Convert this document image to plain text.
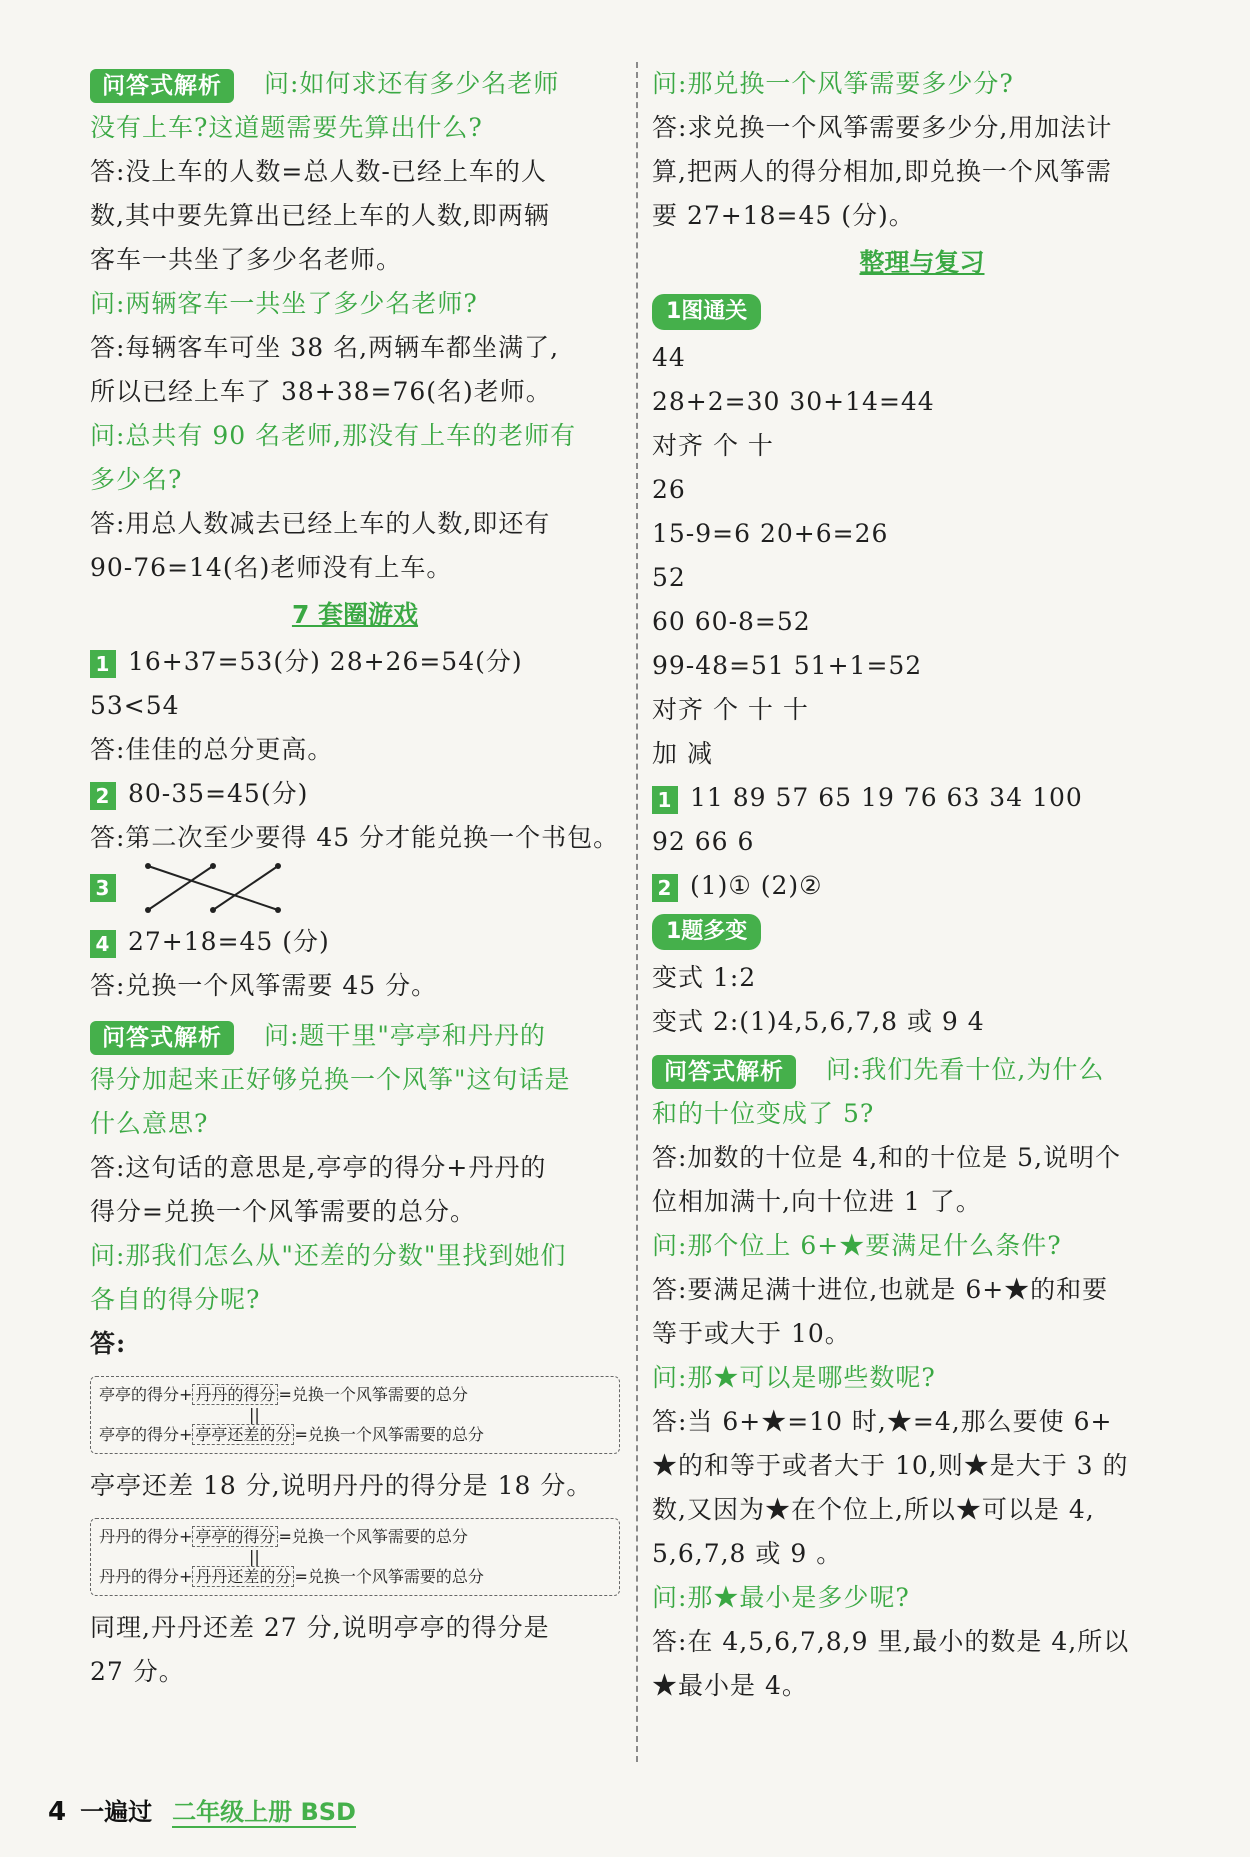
问答式解析 问:如何求还有多少名老师
没有上车?这道题需要先算出什么?
答:没上车的人数=总人数-已经上车的人
数,其中要先算出已经上车的人数,即两辆
客车一共坐了多少名老师。
问:两辆客车一共坐了多少名老师?
答:每辆客车可坐 38 名,两辆车都坐满了,
所以已经上车了 38+38=76(名)老师。
问:总共有 90 名老师,那没有上车的老师有
多少名?
答:用总人数减去已经上车的人数,即还有
90-76=14(名)老师没有上车。
7 套圈游戏
1 16+37=53(分) 28+26=54(分)
53<54
答:佳佳的总分更高。
2 80-35=45(分)
答:第二次至少要得 45 分才能兑换一个书包。
3
4 27+18=45 (分)
答:兑换一个风筝需要 45 分。
问答式解析 问:题干里"亭亭和丹丹的
得分加起来正好够兑换一个风筝"这句话是
什么意思?
答:这句话的意思是,亭亭的得分+丹丹的
得分=兑换一个风筝需要的总分。
问:那我们怎么从"还差的分数"里找到她们
各自的得分呢?
答:
亭亭的得分+ 丹丹的得分 =兑换一个风筝需要的总分
||
亭亭的得分+ 亭亭还差的分 =兑换一个风筝需要的总分
亭亭还差 18 分,说明丹丹的得分是 18 分。
丹丹的得分+ 亭亭的得分 =兑换一个风筝需要的总分
||
丹丹的得分+ 丹丹还差的分 =兑换一个风筝需要的总分
同理,丹丹还差 27 分,说明亭亭的得分是
27 分。
问:那兑换一个风筝需要多少分?
答:求兑换一个风筝需要多少分,用加法计
算,把两人的得分相加,即兑换一个风筝需
要 27+18=45 (分)。
整理与复习
1图通关
44
28+2=30 30+14=44
对齐 个 十
26
15-9=6 20+6=26
52
60 60-8=52
99-48=51 51+1=52
对齐 个 十 十
加 减
1 11 89 57 65 19 76 63 34 100
92 66 6
2 (1)① (2)②
1题多变
变式 1:2
变式 2:(1)4,5,6,7,8 或 9 4
问答式解析 问:我们先看十位,为什么
和的十位变成了 5?
答:加数的十位是 4,和的十位是 5,说明个
位相加满十,向十位进 1 了。
问:那个位上 6+★要满足什么条件?
答:要满足满十进位,也就是 6+★的和要
等于或大于 10。
问:那★可以是哪些数呢?
答:当 6+★=10 时,★=4,那么要使 6+
★的和等于或者大于 10,则★是大于 3 的
数,又因为★在个位上,所以★可以是 4,
5,6,7,8 或 9 。
问:那★最小是多少呢?
答:在 4,5,6,7,8,9 里,最小的数是 4,所以
★最小是 4。
4 一遍过 二年级上册 BSD
